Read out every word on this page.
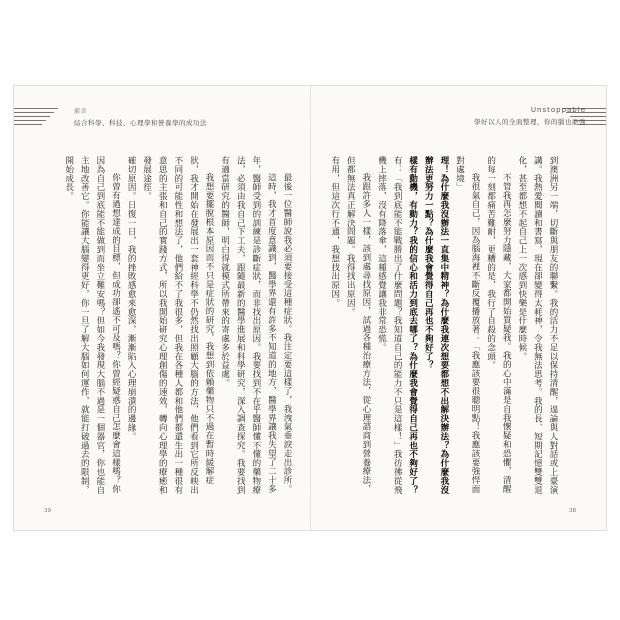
前言
結合科學、科技、心理學和營養學的成功法
Unstoppable
學好以人的全面整理，你的腦也能強

最後一位醫師說我必須要接受這種症狀。我注定要這樣了，我洩氣垂淚走出診所。

這時，我才首度意識到，醫學界還有許多不知道的地方，醫學界讓我失望了二十多年，醫師受到的訓練是診斷症狀，而非找出原因。我要找到不在乎醫師懂不懂的藥物療法，必須由我自己下工夫，跟隨最新的醫學進展和科學研究，深入調查探究。我要找到有適當研究的醫師，明白得就模式所帶來的寄處多於益處。

我想要擺脫根本原因而不只是症狀的研究，我想到依賴藥物只不過在暫時緩解症狀，我才開始在發展出一套神經科學不仍然找出照顧大腦的方法，他們看到它所反映出不同的可能性和想法了，他們給不了我很多，但我在各種人都和他們都還生出一種很有意思的主張和自己的實踐方式，所以我開始研究心理創傷的速效，轉向心理學的療癒和發展途徑。

確切原因。日復一日，我的挫敗感愈來愈深，漸漸陷入心理崩潰的邊緣。

你曾有過想達成的目標，但成功卻遙不可及嗎？你曾經疑惑自己怎麼會這樣嗎？你因為自己到底能不能做到而坐立難安嗎？但如今我發現大腦不過是一個器官，你也能自主地改善它。你能讓大腦變得更好，你一旦了解大腦如何運作，就能打破過去的限制，開始成長。	到澳洲另一端，切斷與朋友的聯繫。我的活力不足以保持清醒，遑論與人對話或上臺演講。我熱愛閱讀和書寫，現在卻變得太耗神，令我無法思考。我的長、短期記憶雙雙退化，甚至都想不起自己上一次感到快樂是什麼時候。

不管我再怎麼努力隱藏，大家都開始質疑我。我的心中滿是自我懷疑和恐懼，清醒的每一刻都痛苦難耐，更糟的是，我行了自殺的念頭。

我很氣自己，因為腦海裡不斷反覆播放著：「我應該要很聰明點！我應該要強悍面對處境」

理！為什麼我沒辦法一直集中精神？為什麼我連次想要都想不出解決辦法？為什麼我沒辦法更努力一點？為什麼我會覺得自己再也不夠好了？

樣有動機，有動力？我的信心和活力到底去哪了？為什麼我會覺得自己再也不夠好了？

有：「我到底能不能戰勝出了什麼問題？我知道自己的能力不只是這樣！」我彷彿從飛機上摔落，沒有降落傘，這種感覺讓我非常恐慌。

我跟許多人一樣，該到處尋找原因，試過各種治療方法，從心理諮商到營養療法，但都無法真正解決問題。我得找出原因。

有用，但這次行不通，我想找出原因。

39	38
